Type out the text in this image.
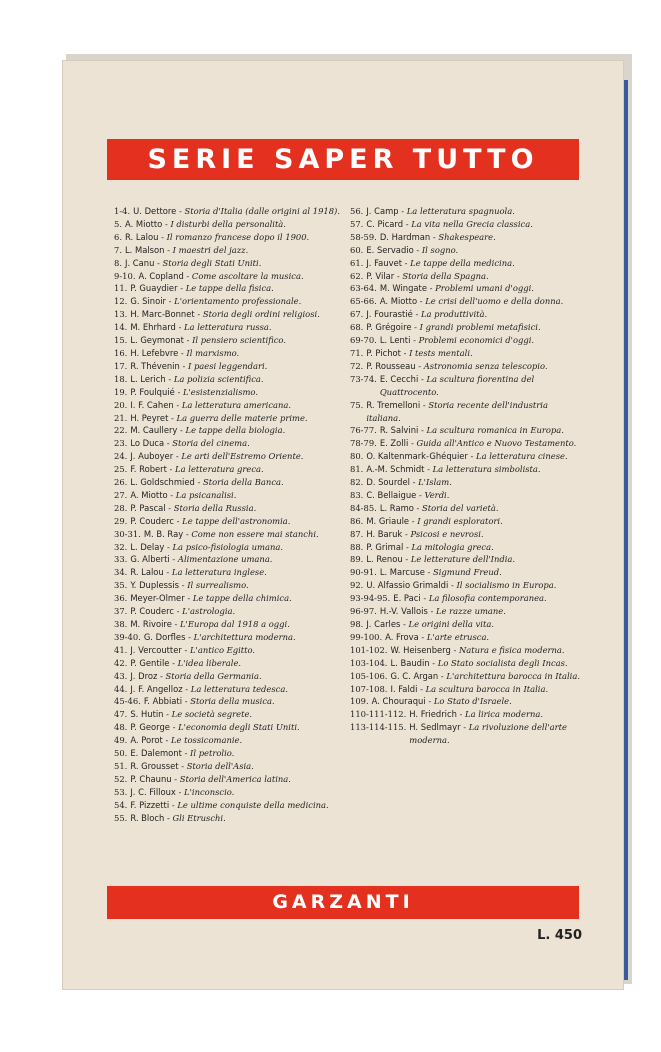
SERIE SAPER TUTTO
1-4. U. Dettore - Storia d'Italia (dalle origini al 1918).
5. A. Miotto - I disturbi della personalità.
6. R. Lalou - Il romanzo francese dopo il 1900.
7. L. Malson - I maestri del jazz.
8. J. Canu - Storia degli Stati Uniti.
9-10. A. Copland - Come ascoltare la musica.
11. P. Guaydier - Le tappe della fisica.
12. G. Sinoir - L'orientamento professionale.
13. H. Marc-Bonnet - Storia degli ordini religiosi.
14. M. Ehrhard - La letteratura russa.
15. L. Geymonat - Il pensiero scientifico.
16. H. Lefebvre - Il marxismo.
17. R. Thévenin - I paesi leggendari.
18. L. Lerich - La polizia scientifica.
19. P. Foulquié - L'esistenzialismo.
20. I. F. Cahen - La letteratura americana.
21. H. Peyret - La guerra delle materie prime.
22. M. Caullery - Le tappe della biologia.
23. Lo Duca - Storia del cinema.
24. J. Auboyer - Le arti dell'Estremo Oriente.
25. F. Robert - La letteratura greca.
26. L. Goldschmied - Storia della Banca.
27. A. Miotto - La psicanalisi.
28. P. Pascal - Storia della Russia.
29. P. Couderc - Le tappe dell'astronomia.
30-31. M. B. Ray - Come non essere mai stanchi.
32. L. Delay - La psico-fisiologia umana.
33. G. Alberti - Alimentazione umana.
34. R. Lalou - La letteratura inglese.
35. Y. Duplessis - Il surrealismo.
36. Meyer-Olmer - Le tappe della chimica.
37. P. Couderc - L'astrologia.
38. M. Rivoire - L'Europa dal 1918 a oggi.
39-40. G. Dorfles - L'architettura moderna.
41. J. Vercoutter - L'antico Egitto.
42. P. Gentile - L'idea liberale.
43. J. Droz - Storia della Germania.
44. J. F. Angelloz - La letteratura tedesca.
45-46. F. Abbiati - Storia della musica.
47. S. Hutin - Le società segrete.
48. P. George - L'economia degli Stati Uniti.
49. A. Porot - Le tossicomanie.
50. E. Dalemont - Il petrolio.
51. R. Grousset - Storia dell'Asia.
52. P. Chaunu - Storia dell'America latina.
53. J. C. Filloux - L'inconscio.
54. F. Pizzetti - Le ultime conquiste della medicina.
55. R. Bloch - Gli Etruschi.
56. J. Camp - La letteratura spagnuola.
57. C. Picard - La vita nella Grecia classica.
58-59. D. Hardman - Shakespeare.
60. E. Servadio - Il sogno.
61. J. Fauvet - Le tappe della medicina.
62. P. Vilar - Storia della Spagna.
63-64. M. Wingate - Problemi umani d'oggi.
65-66. A. Miotto - Le crisi dell'uomo e della donna.
67. J. Fourastié - La produttività.
68. P. Grégoire - I grandi problemi metafisici.
69-70. L. Lenti - Problemi economici d'oggi.
71. P. Pichot - I tests mentali.
72. P. Rousseau - Astronomia senza telescopio.
73-74. E. Cecchi - La scultura fiorentina del Quattrocento.
75. R. Tremelloni - Storia recente dell'industria italiana.
76-77. R. Salvini - La scultura romanica in Europa.
78-79. E. Zolli - Guida all'Antico e Nuovo Testamento.
80. O. Kaltenmark-Ghéquier - La letteratura cinese.
81. A.-M. Schmidt - La letteratura simbolista.
82. D. Sourdel - L'Islam.
83. C. Bellaigue - Verdi.
84-85. L. Ramo - Storia del varietà.
86. M. Griaule - I grandi esploratori.
87. H. Baruk - Psicosi e nevrosi.
88. P. Grimal - La mitologia greca.
89. L. Renou - Le letterature dell'India.
90-91. L. Marcuse - Sigmund Freud.
92. U. Alfassio Grimaldi - Il socialismo in Europa.
93-94-95. E. Paci - La filosofia contemporanea.
96-97. H.-V. Vallois - Le razze umane.
98. J. Carles - Le origini della vita.
99-100. A. Frova - L'arte etrusca.
101-102. W. Heisenberg - Natura e fisica moderna.
103-104. L. Baudin - Lo Stato socialista degli Incas.
105-106. G. C. Argan - L'architettura barocca in Italia.
107-108. I. Faldi - La scultura barocca in Italia.
109. A. Chouraqui - Lo Stato d'Israele.
110-111-112. H. Friedrich - La lirica moderna.
113-114-115. H. Sedlmayr - La rivoluzione dell'arte moderna.
GARZANTI
L. 450
